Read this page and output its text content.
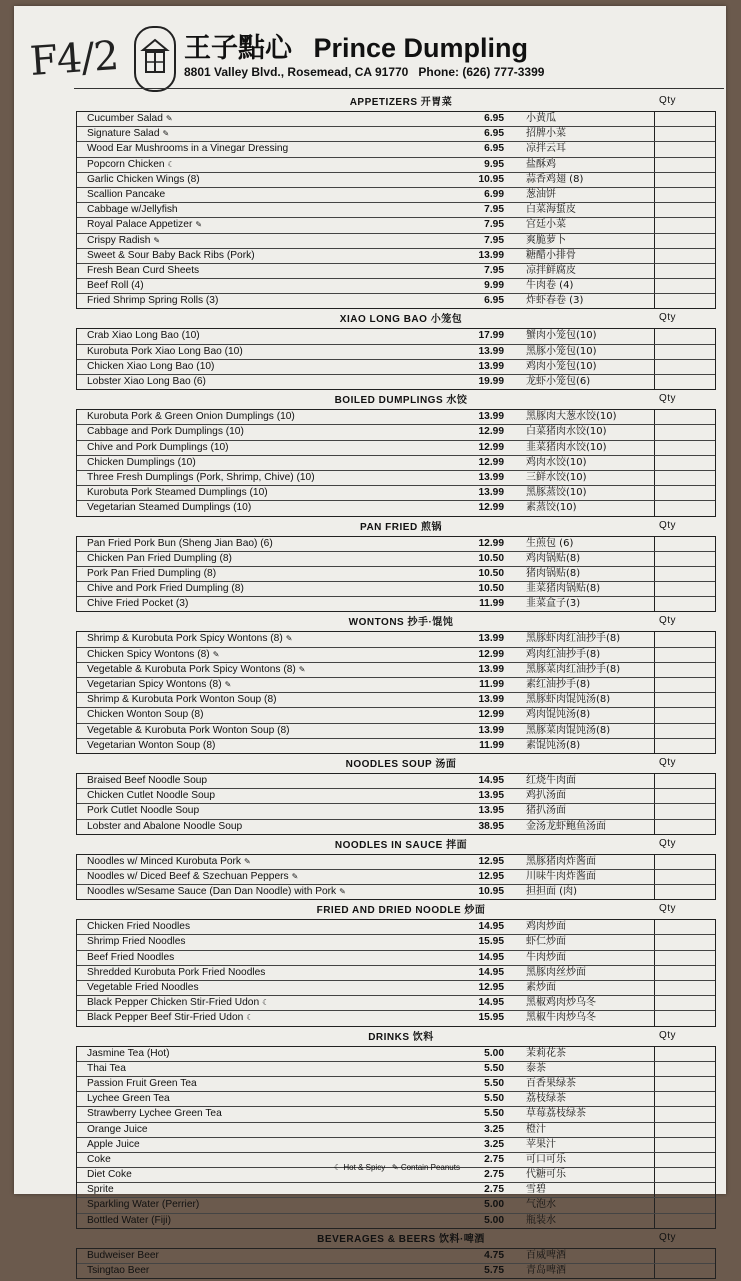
F4/2 王子點心 Prince Dumpling
8801 Valley Blvd., Rosemead, CA 91770 Phone: (626) 777-3399
APPETIZERS 开胃菜	Qty
Cucumber Salad ✎	6.95	小黄瓜
Signature Salad ✎	6.95	招牌小菜
Wood Ear Mushrooms in a Vinegar Dressing	6.95	凉拌云耳
Popcorn Chicken ☾	9.95	盐酥鸡
Garlic Chicken Wings (8)	10.95	蒜香鸡翅 (8)
Scallion Pancake	6.99	葱油饼
Cabbage w/Jellyfish	7.95	白菜海蜇皮
Royal Palace Appetizer ✎	7.95	宫廷小菜
Crispy Radish ✎	7.95	爽脆萝卜
Sweet & Sour Baby Back Ribs (Pork)	13.99	糖醋小排骨
Fresh Bean Curd Sheets	7.95	凉拌鲜腐皮
Beef Roll (4)	9.99	牛肉卷 (4)
Fried Shrimp Spring Rolls (3)	6.95	炸虾春卷 (3)
XIAO LONG BAO 小笼包	Qty
Crab Xiao Long Bao (10)	17.99	蟹肉小笼包(10)
Kurobuta Pork Xiao Long Bao (10)	13.99	黑豚小笼包(10)
Chicken Xiao Long Bao (10)	13.99	鸡肉小笼包(10)
Lobster Xiao Long Bao (6)	19.99	龙虾小笼包(6)
BOILED DUMPLINGS 水饺	Qty
Kurobuta Pork & Green Onion Dumplings (10)	13.99	黑豚肉大葱水饺(10)
Cabbage and Pork Dumplings (10)	12.99	白菜猪肉水饺(10)
Chive and Pork Dumplings (10)	12.99	韭菜猪肉水饺(10)
Chicken Dumplings (10)	12.99	鸡肉水饺(10)
Three Fresh Dumplings (Pork, Shrimp, Chive) (10)	13.99	三鲜水饺(10)
Kurobuta Pork Steamed Dumplings (10)	13.99	黑豚蒸饺(10)
Vegetarian Steamed Dumplings (10)	12.99	素蒸饺(10)
PAN FRIED 煎锅	Qty
Pan Fried Pork Bun (Sheng Jian Bao) (6)	12.99	生煎包 (6)
Chicken Pan Fried Dumpling (8)	10.50	鸡肉锅贴(8)
Pork Pan Fried Dumpling (8)	10.50	猪肉锅贴(8)
Chive and Pork Fried Dumpling (8)	10.50	韭菜猪肉锅贴(8)
Chive Fried Pocket (3)	11.99	韭菜盒子(3)
WONTONS 抄手·馄饨	Qty
Shrimp & Kurobuta Pork Spicy Wontons (8) ✎	13.99	黑豚虾肉红油抄手(8)
Chicken Spicy Wontons (8) ✎	12.99	鸡肉红油抄手(8)
Vegetable & Kurobuta Pork Spicy Wontons (8) ✎	13.99	黑豚菜肉红油抄手(8)
Vegetarian Spicy Wontons (8) ✎	11.99	素红油抄手(8)
Shrimp & Kurobuta Pork Wonton Soup (8)	13.99	黑豚虾肉馄饨汤(8)
Chicken Wonton Soup (8)	12.99	鸡肉馄饨汤(8)
Vegetable & Kurobuta Pork Wonton Soup (8)	13.99	黑豚菜肉馄饨汤(8)
Vegetarian Wonton Soup (8)	11.99	素馄饨汤(8)
NOODLES SOUP 汤面	Qty
Braised Beef Noodle Soup	14.95	红烧牛肉面
Chicken Cutlet Noodle Soup	13.95	鸡扒汤面
Pork Cutlet Noodle Soup	13.95	猪扒汤面
Lobster and Abalone Noodle Soup	38.95	金汤龙虾鲍鱼汤面
NOODLES IN SAUCE 拌面	Qty
Noodles w/ Minced Kurobuta Pork ✎	12.95	黑豚猪肉炸酱面
Noodles w/ Diced Beef & Szechuan Peppers ✎	12.95	川味牛肉炸酱面
Noodles w/Sesame Sauce (Dan Dan Noodle) with Pork ✎	10.95	担担面 (肉)
FRIED AND DRIED NOODLE 炒面	Qty
Chicken Fried Noodles	14.95	鸡肉炒面
Shrimp Fried Noodles	15.95	虾仁炒面
Beef Fried Noodles	14.95	牛肉炒面
Shredded Kurobuta Pork Fried Noodles	14.95	黑豚肉丝炒面
Vegetable Fried Noodles	12.95	素炒面
Black Pepper Chicken Stir-Fried Udon ☾	14.95	黑椒鸡肉炒乌冬
Black Pepper Beef Stir-Fried Udon ☾	15.95	黑椒牛肉炒乌冬
DRINKS 饮料	Qty
Jasmine Tea (Hot)	5.00	茉莉花茶
Thai Tea	5.50	泰茶
Passion Fruit Green Tea	5.50	百香果绿茶
Lychee Green Tea	5.50	荔枝绿茶
Strawberry Lychee Green Tea	5.50	草莓荔枝绿茶
Orange Juice	3.25	橙汁
Apple Juice	3.25	苹果汁
Coke	2.75	可口可乐
Diet Coke	2.75	代糖可乐
Sprite	2.75	雪碧
Sparkling Water (Perrier)	5.00	气泡水
Bottled Water (Fiji)	5.00	瓶装水
BEVERAGES & BEERS 饮料·啤酒	Qty
Budweiser Beer	4.75	百威啤酒
Tsingtao Beer	5.75	青岛啤酒
☾ Hot & Spicy ✎ Contain Peanuts
